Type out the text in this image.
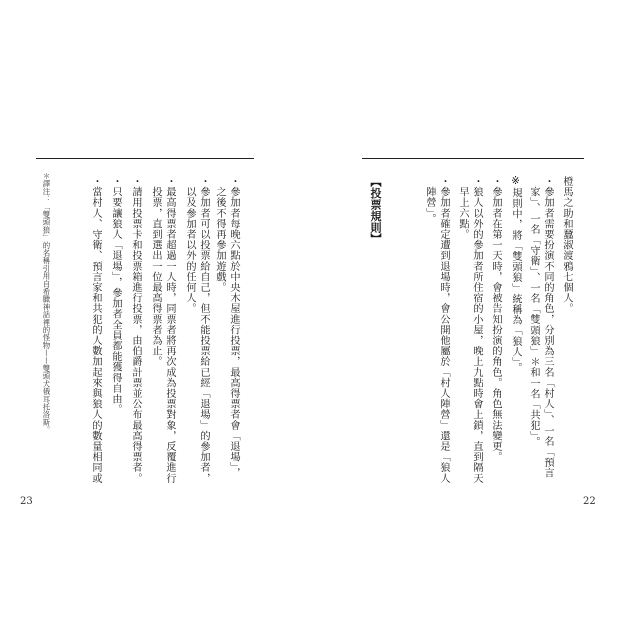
・參加者每晚六點於中央木屋進行投票，最高得票者會「退場」，
　之後不得再參加遊戲。
・參加者可以投票給自己，但不能投票給已經「退場」的參加者，
　以及參加者以外的任何人。
・最高得票者超過一人時，同票者將再次成為投票對象，反覆進行
　投票，直到選出一位最高得票者為止。
・請用投票卡和投票箱進行投票，由伯爵計票並公布最高得票者。
・只要讓狼人「退場」，參加者全員都能獲得自由。
・當村人、守衛、預言家和共犯的人數加起來與狼人的數量相同或
＊譯注：「雙頭狼」的名稱引用自希臘神話裡的怪物——雙頭犬俄耳托洛斯。
23
橙馬之助和蠶淑渡鴉七個人。
・參加者需要扮演不同的角色，分別為三名「村人」、一名「預言
　家」、一名「守衛」、一名「雙頭狼」＊和一名「共犯」。
※規則中，將「雙頭狼」統稱為「狼人」。
・參加者在第一天時，會被告知扮演的角色。角色無法變更。
・狼人以外的參加者所住宿的小屋，晚上九點時會上鎖，直到隔天
　早上六點。
・參加者確定遭到退場時，會公開他屬於「村人陣營」還是「狼人
　陣營」。
【投票規則】
22
